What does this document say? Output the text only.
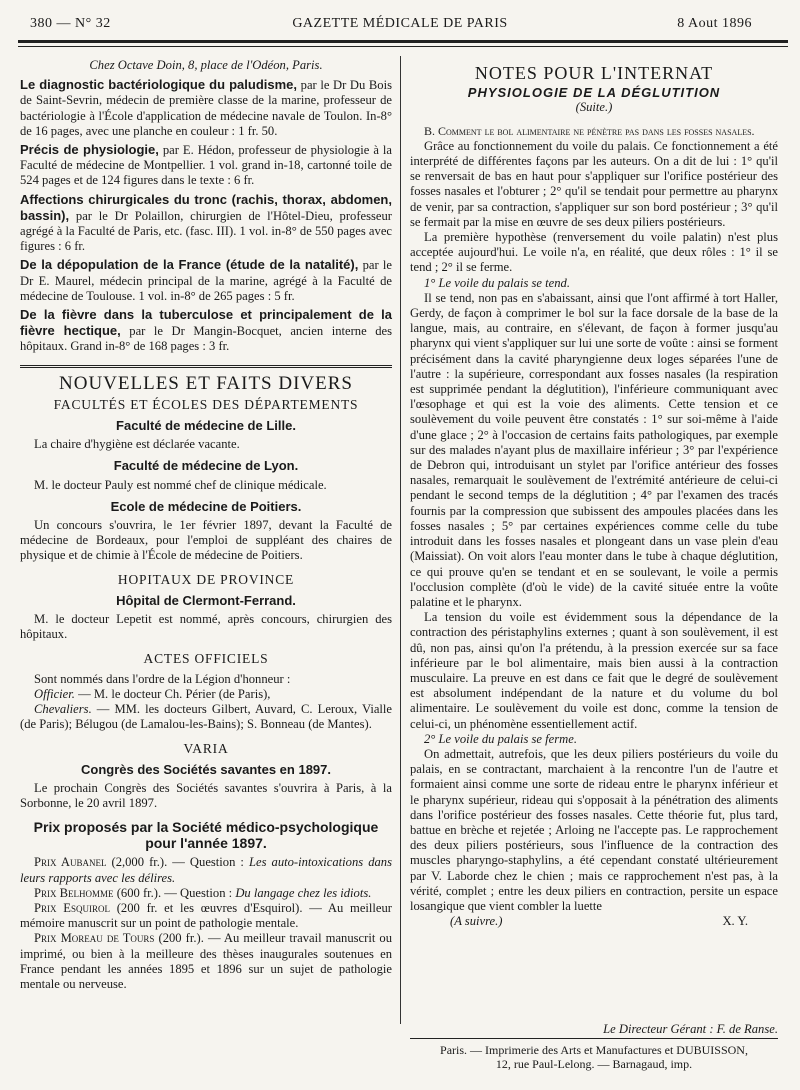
380 — N° 32	GAZETTE MÉDICALE DE PARIS	8 Aout 1896

Chez Octave Doin, 8, place de l'Odéon, Paris.

Le diagnostic bactériologique du paludisme, par le Dr Du Bois de Saint-Sevrin, médecin de première classe de la marine, professeur de bactériologie à l'École d'application de médecine navale de Toulon. In-8° de 16 pages, avec une planche en couleur : 1 fr. 50.

Précis de physiologie, par E. Hédon, professeur de physiologie à la Faculté de médecine de Montpellier. 1 vol. grand in-18, cartonné toile de 524 pages et de 124 figures dans le texte : 6 fr.

Affections chirurgicales du tronc (rachis, thorax, abdomen, bassin), par le Dr Polaillon, chirurgien de l'Hôtel-Dieu, professeur agrégé à la Faculté de Paris, etc. (fasc. III). 1 vol. in-8° de 550 pages avec figures : 6 fr.

De la dépopulation de la France (étude de la natalité), par le Dr E. Maurel, médecin principal de la marine, agrégé à la Faculté de médecine de Toulouse. 1 vol. in-8° de 265 pages : 5 fr.

De la fièvre dans la tuberculose et principalement de la fièvre hectique, par le Dr Mangin-Bocquet, ancien interne des hôpitaux. Grand in-8° de 168 pages : 3 fr.

NOUVELLES ET FAITS DIVERS

FACULTÉS ET ÉCOLES DES DÉPARTEMENTS

Faculté de médecine de Lille.

La chaire d'hygiène est déclarée vacante.

Faculté de médecine de Lyon.

M. le docteur Pauly est nommé chef de clinique médicale.

Ecole de médecine de Poitiers.

Un concours s'ouvrira, le 1er février 1897, devant la Faculté de médecine de Bordeaux, pour l'emploi de suppléant des chaires de physique et de chimie à l'École de médecine de Poitiers.

HOPITAUX DE PROVINCE

Hôpital de Clermont-Ferrand.

M. le docteur Lepetit est nommé, après concours, chirurgien des hôpitaux.

ACTES OFFICIELS

Sont nommés dans l'ordre de la Légion d'honneur :

Officier. — M. le docteur Ch. Périer (de Paris),

Chevaliers. — MM. les docteurs Gilbert, Auvard, C. Leroux, Vialle (de Paris); Bélugou (de Lamalou-les-Bains); S. Bonneau (de Mantes).

VARIA

Congrès des Sociétés savantes en 1897.

Le prochain Congrès des Sociétés savantes s'ouvrira à Paris, à la Sorbonne, le 20 avril 1897.

Prix proposés par la Société médico-psychologique pour l'année 1897.

Prix Aubanel (2,000 fr.). — Question : Les auto-intoxications dans leurs rapports avec les délires.

Prix Belhomme (600 fr.). — Question : Du langage chez les idiots.

Prix Esquirol (200 fr. et les œuvres d'Esquirol). — Au meilleur mémoire manuscrit sur un point de pathologie mentale.

Prix Moreau de Tours (200 fr.). — Au meilleur travail manuscrit ou imprimé, ou bien à la meilleure des thèses inaugurales soutenues en France pendant les années 1895 et 1896 sur un sujet de pathologie mentale ou nerveuse.

NOTES POUR L'INTERNAT

PHYSIOLOGIE DE LA DÉGLUTITION

(Suite.)

B. Comment le bol alimentaire ne pénètre pas dans les fosses nasales.

Grâce au fonctionnement du voile du palais. Ce fonctionnement a été interprété de différentes façons par les auteurs. On a dit de lui : 1° qu'il se renversait de bas en haut pour s'appliquer sur l'orifice postérieur des fosses nasales et l'obturer ; 2° qu'il se tendait pour permettre au pharynx de venir, par sa contraction, s'appliquer sur son bord postérieur ; 3° qu'il se fermait par la mise en œuvre de ses deux piliers postérieurs.

La première hypothèse (renversement du voile palatin) n'est plus acceptée aujourd'hui. Le voile n'a, en réalité, que deux rôles : 1° il se tend ; 2° il se ferme.

1° Le voile du palais se tend.

Il se tend, non pas en s'abaissant, ainsi que l'ont affirmé à tort Haller, Gerdy, de façon à comprimer le bol sur la face dorsale de la base de la langue, mais, au contraire, en s'élevant, de façon à former jusqu'au pharynx qui vient s'appliquer sur lui une sorte de voûte : ainsi se forment précisément dans la cavité pharyngienne deux loges séparées l'une de l'autre : la supérieure, correspondant aux fosses nasales (la respiration est supprimée pendant la déglutition), l'inférieure communiquant avec l'œsophage et qui est la voie des aliments. Cette tension et ce soulèvement du voile peuvent être constatés : 1° sur soi-même à l'aide d'une glace ; 2° à l'occasion de certains faits pathologiques, par exemple sur des malades n'ayant plus de maxillaire inférieur ; 3° par l'expérience de Debron qui, introduisant un stylet par l'orifice antérieur des fosses nasales, remarquait le soulèvement de l'extrémité antérieure de celui-ci pendant le second temps de la déglutition ; 4° par l'examen des tracés fournis par la compression que subissent des ampoules placées dans les fosses nasales ; 5° par certaines expériences comme celle du tube introduit dans les fosses nasales et plongeant dans un vase plein d'eau (Maissiat). On voit alors l'eau monter dans le tube à chaque déglutition, ce qui prouve qu'en se tendant et en se soulevant, le voile a permis l'occlusion complète (d'où le vide) de la cavité située entre la voûte palatine et le pharynx.

La tension du voile est évidemment sous la dépendance de la contraction des péristaphylins externes ; quant à son soulèvement, il est dû, non pas, ainsi qu'on l'a prétendu, à la pression exercée sur sa face inférieure par le bol alimentaire, mais bien aussi à la contraction musculaire. La preuve en est dans ce fait que le degré de soulèvement est absolument indépendant de la nature et du volume du bol alimentaire. Le soulèvement du voile est donc, comme la tension de celui-ci, un phénomène essentiellement actif.

2° Le voile du palais se ferme.

On admettait, autrefois, que les deux piliers postérieurs du voile du palais, en se contractant, marchaient à la rencontre l'un de l'autre et formaient ainsi comme une sorte de rideau entre le pharynx inférieur et le pharynx supérieur, rideau qui s'opposait à la pénétration des aliments dans l'orifice postérieur des fosses nasales. Cette théorie fut, plus tard, battue en brèche et rejetée ; Arloing ne l'accepte pas. Le rapprochement des deux piliers postérieurs, sous l'influence de la contraction des muscles pharyngo-staphylins, a été cependant constaté ultérieurement par V. Laborde chez le chien ; mais ce rapprochement n'est pas, à la vérité, complet ; entre les deux piliers en contraction, persite un espace losangique que vient combler la luette

(A suivre.)	X. Y.

Le Directeur Gérant : F. de Ranse.

Paris. — Imprimerie des Arts et Manufactures et DUBUISSON,
12, rue Paul-Lelong. — Barnagaud, imp.
